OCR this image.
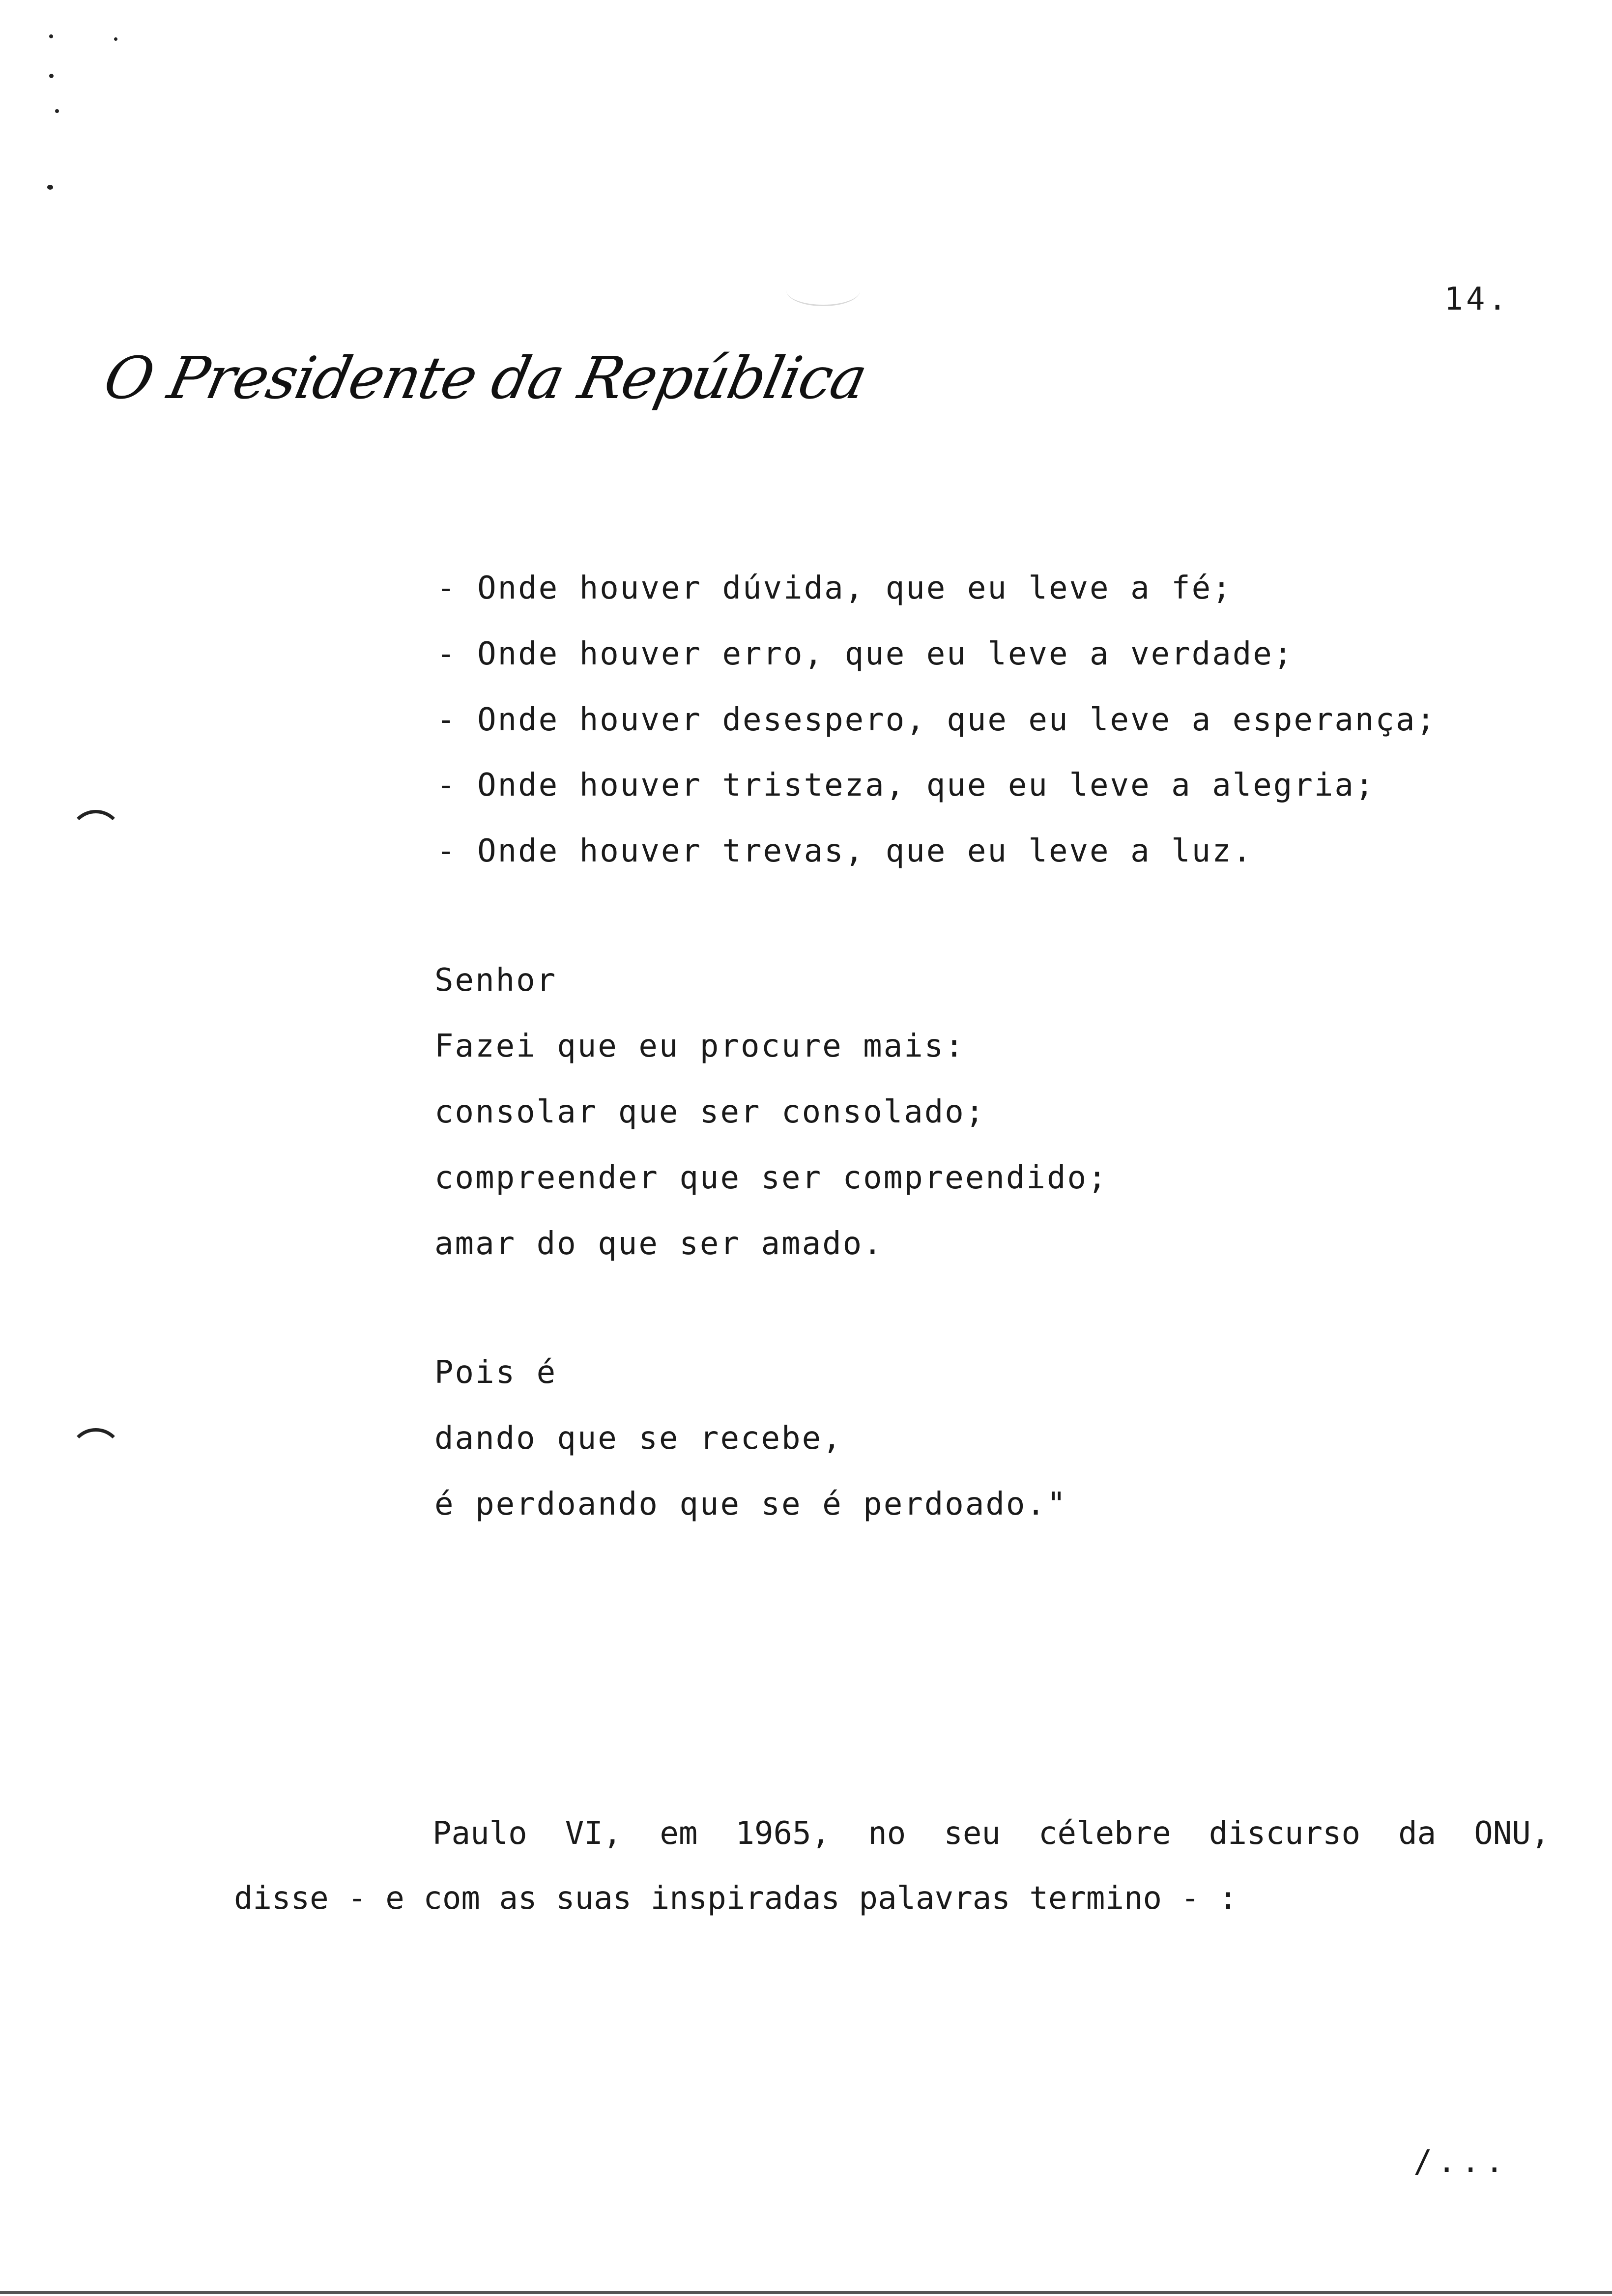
14.
O Presidente da República
- Onde houver dúvida, que eu leve a fé;
- Onde houver erro, que eu leve a verdade;
- Onde houver desespero, que eu leve a esperança;
- Onde houver tristeza, que eu leve a alegria;
- Onde houver trevas, que eu leve a luz.
Senhor
Fazei que eu procure mais:
consolar que ser consolado;
compreender que ser compreendido;
amar do que ser amado.
Pois é
dando que se recebe,
é perdoando que se é perdoado."
Paulo  VI,  em  1965,  no  seu  célebre  discurso  da  ONU,
disse - e com as suas inspiradas palavras termino - :
/...
